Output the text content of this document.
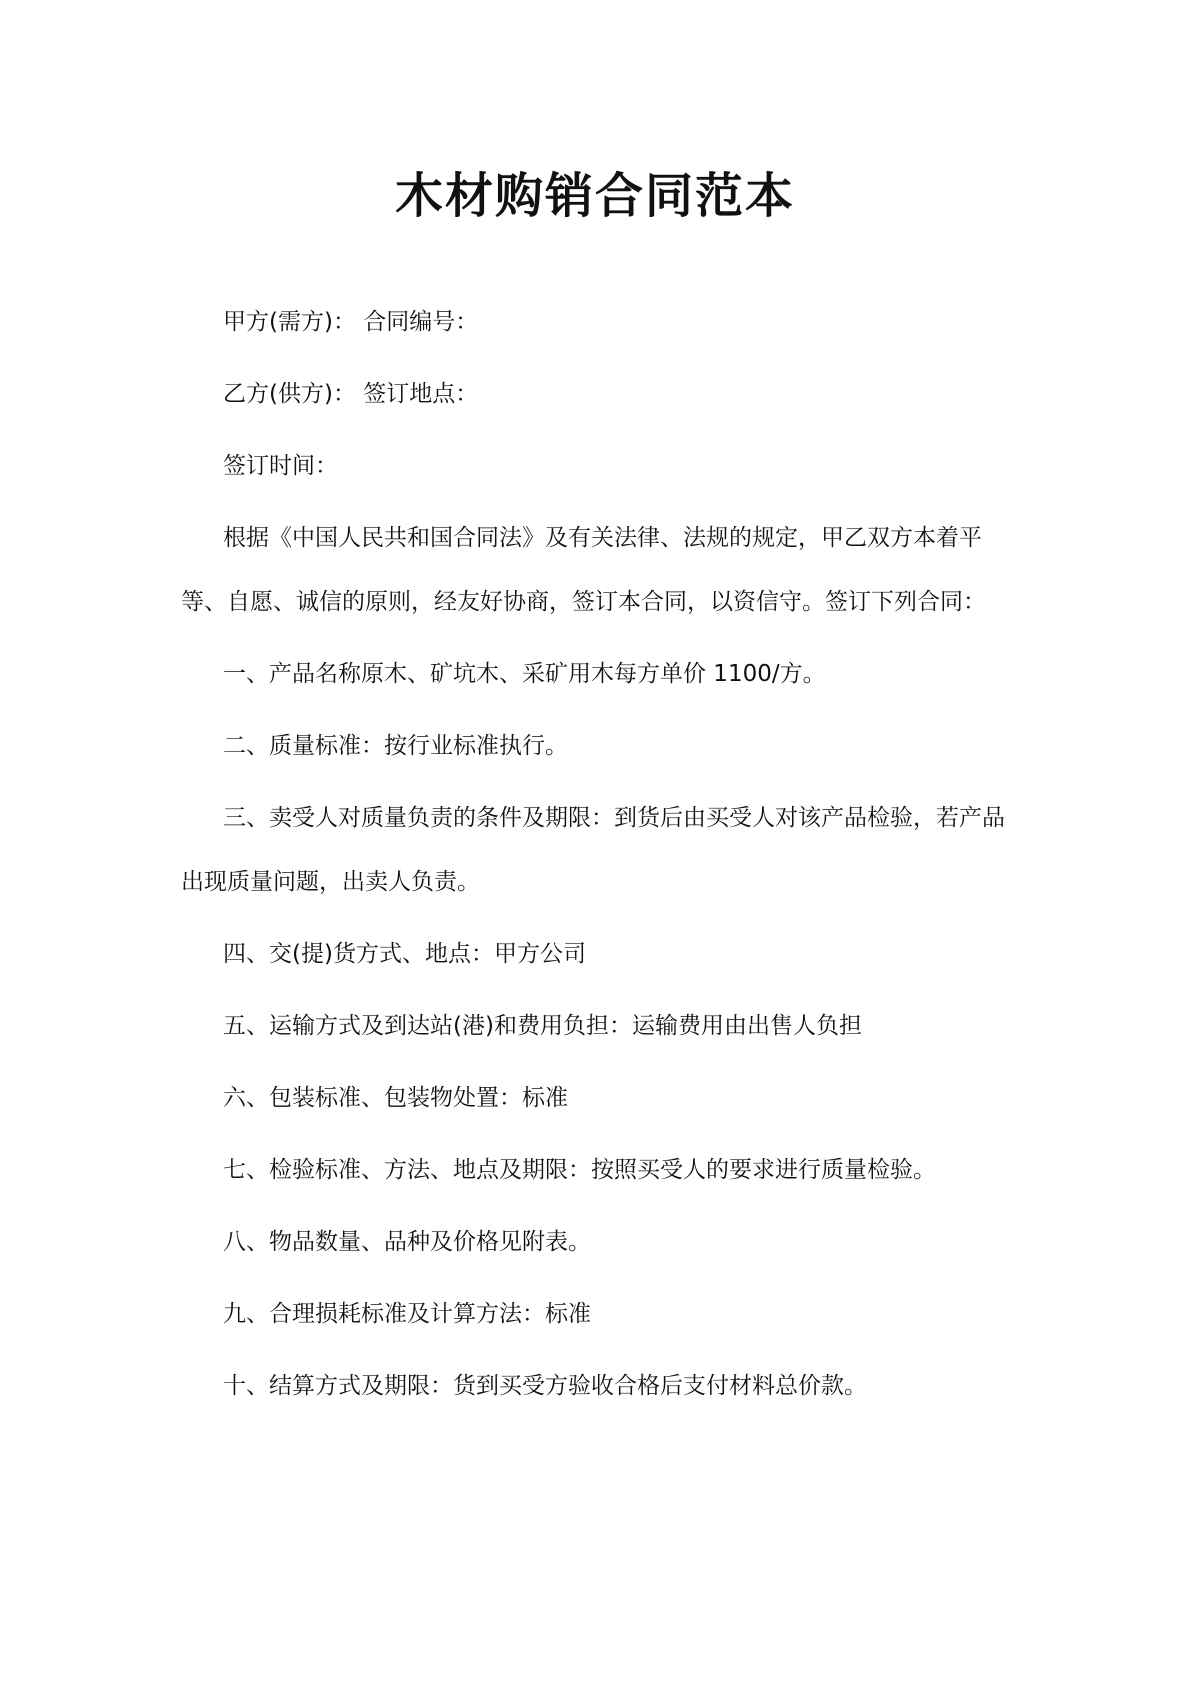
木材购销合同范本

甲方(需方)： 合同编号：

乙方(供方)： 签订地点：

签订时间：

根据《中国人民共和国合同法》及有关法律、法规的规定，甲乙双方本着平等、自愿、诚信的原则，经友好协商，签订本合同，以资信守。签订下列合同：

一、产品名称原木、矿坑木、采矿用木每方单价 1100/方。

二、质量标准：按行业标准执行。

三、卖受人对质量负责的条件及期限：到货后由买受人对该产品检验，若产品出现质量问题，出卖人负责。

四、交(提)货方式、地点：甲方公司

五、运输方式及到达站(港)和费用负担：运输费用由出售人负担

六、包装标准、包装物处置：标准

七、检验标准、方法、地点及期限：按照买受人的要求进行质量检验。

八、物品数量、品种及价格见附表。

九、合理损耗标准及计算方法：标准

十、结算方式及期限：货到买受方验收合格后支付材料总价款。
